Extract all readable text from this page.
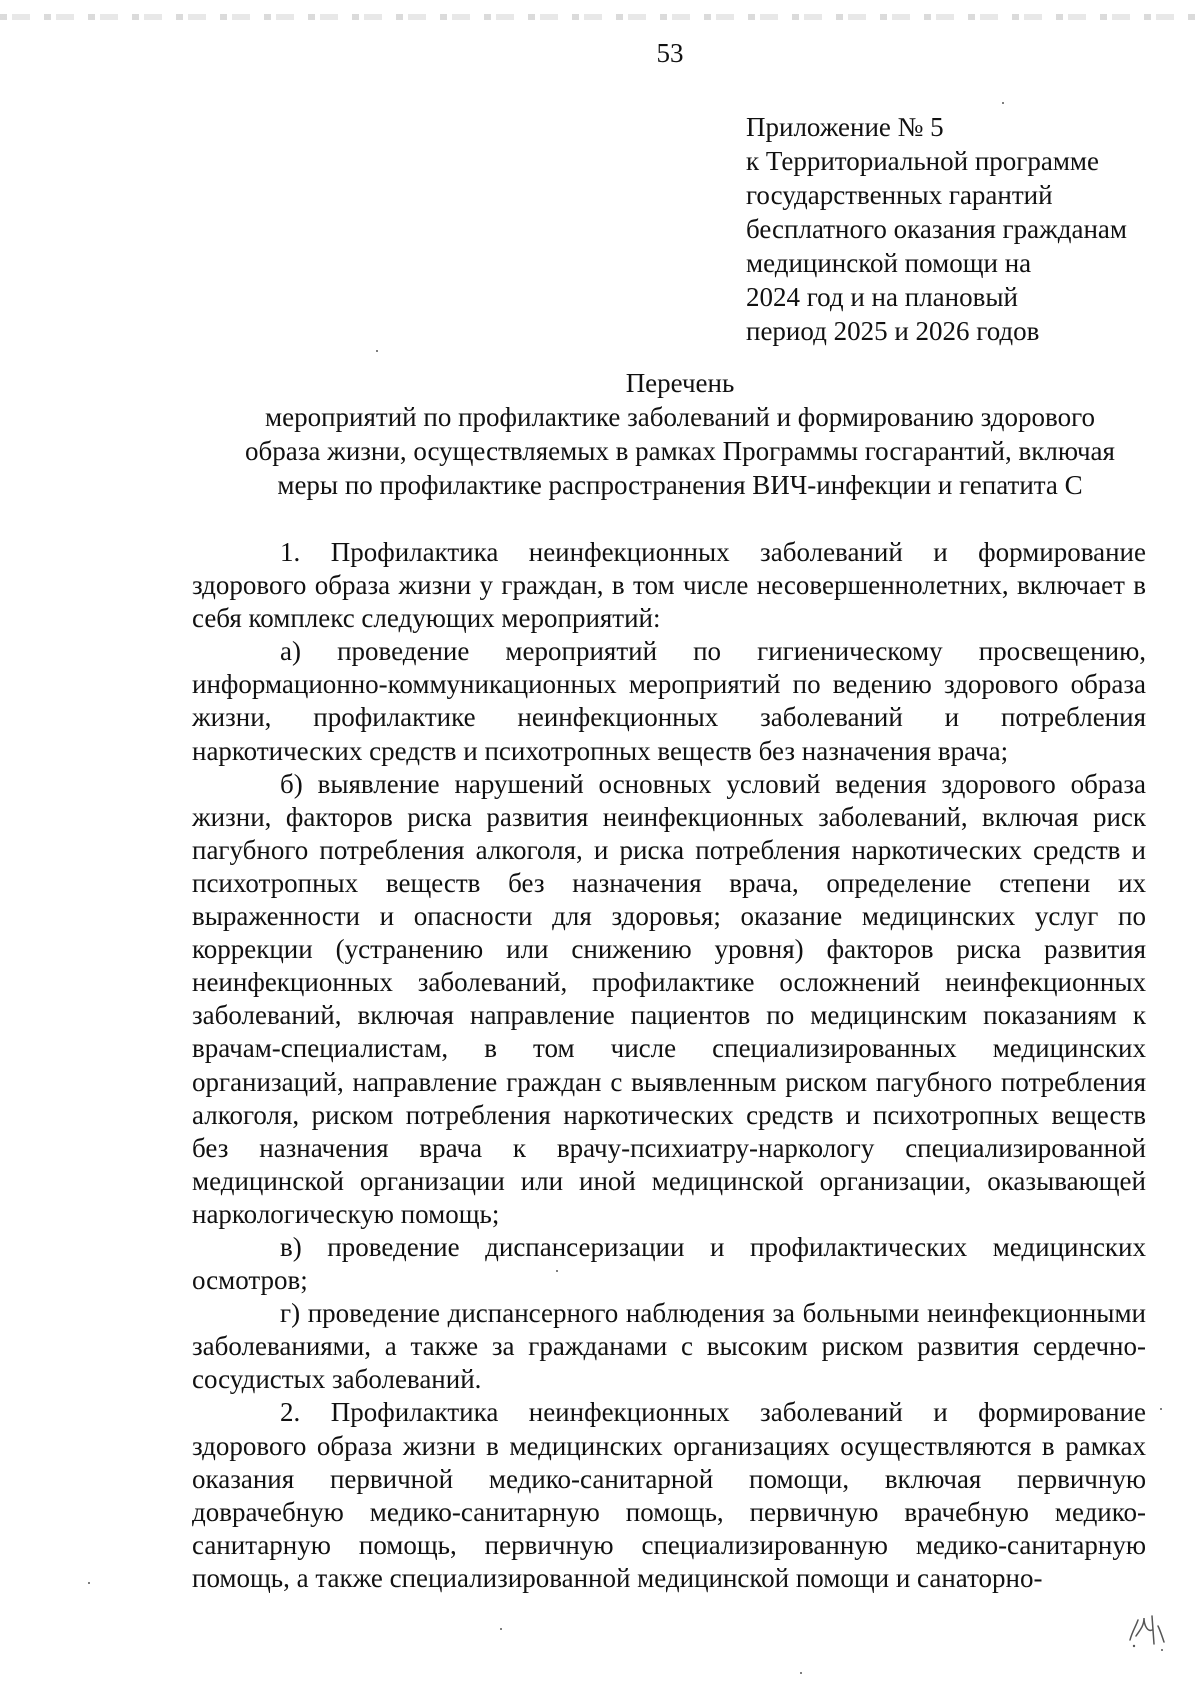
53
Приложение № 5
к Территориальной программе
государственных гарантий
бесплатного оказания гражданам
медицинской помощи на
2024 год и на плановый
период 2025 и 2026 годов
Перечень
мероприятий по профилактике заболеваний и формированию здорового
образа жизни, осуществляемых в рамках Программы госгарантий, включая
меры по профилактике распространения ВИЧ-инфекции и гепатита С

1. Профилактика неинфекционных заболеваний и формирование здорового образа жизни у граждан, в том числе несовершеннолетних, включает в себя комплекс следующих мероприятий:

а) проведение мероприятий по гигиеническому просвещению, информационно-коммуникационных мероприятий по ведению здорового образа жизни, профилактике неинфекционных заболеваний и потребления наркотических средств и психотропных веществ без назначения врача;

б) выявление нарушений основных условий ведения здорового образа жизни, факторов риска развития неинфекционных заболеваний, включая риск пагубного потребления алкоголя, и риска потребления наркотических средств и психотропных веществ без назначения врача, определение степени их выраженности и опасности для здоровья; оказание медицинских услуг по коррекции (устранению или снижению уровня) факторов риска развития неинфекционных заболеваний, профилактике осложнений неинфекционных заболеваний, включая направление пациентов по медицинским показаниям к врачам-специалистам, в том числе специализированных медицинских организаций, направление граждан с выявленным риском пагубного потребления алкоголя, риском потребления наркотических средств и психотропных веществ без назначения врача к врачу-психиатру-наркологу специализированной медицинской организации или иной медицинской организации, оказывающей наркологическую помощь;

в) проведение диспансеризации и профилактических медицинских осмотров;

г) проведение диспансерного наблюдения за больными неинфекционными заболеваниями, а также за гражданами с высоким риском развития сердечно-сосудистых заболеваний.

2. Профилактика неинфекционных заболеваний и формирование здорового образа жизни в медицинских организациях осуществляются в рамках оказания первичной медико-санитарной помощи, включая первичную доврачебную медико-санитарную помощь, первичную врачебную медико-санитарную помощь, первичную специализированную медико-санитарную помощь, а также специализированной медицинской помощи и санаторно-
